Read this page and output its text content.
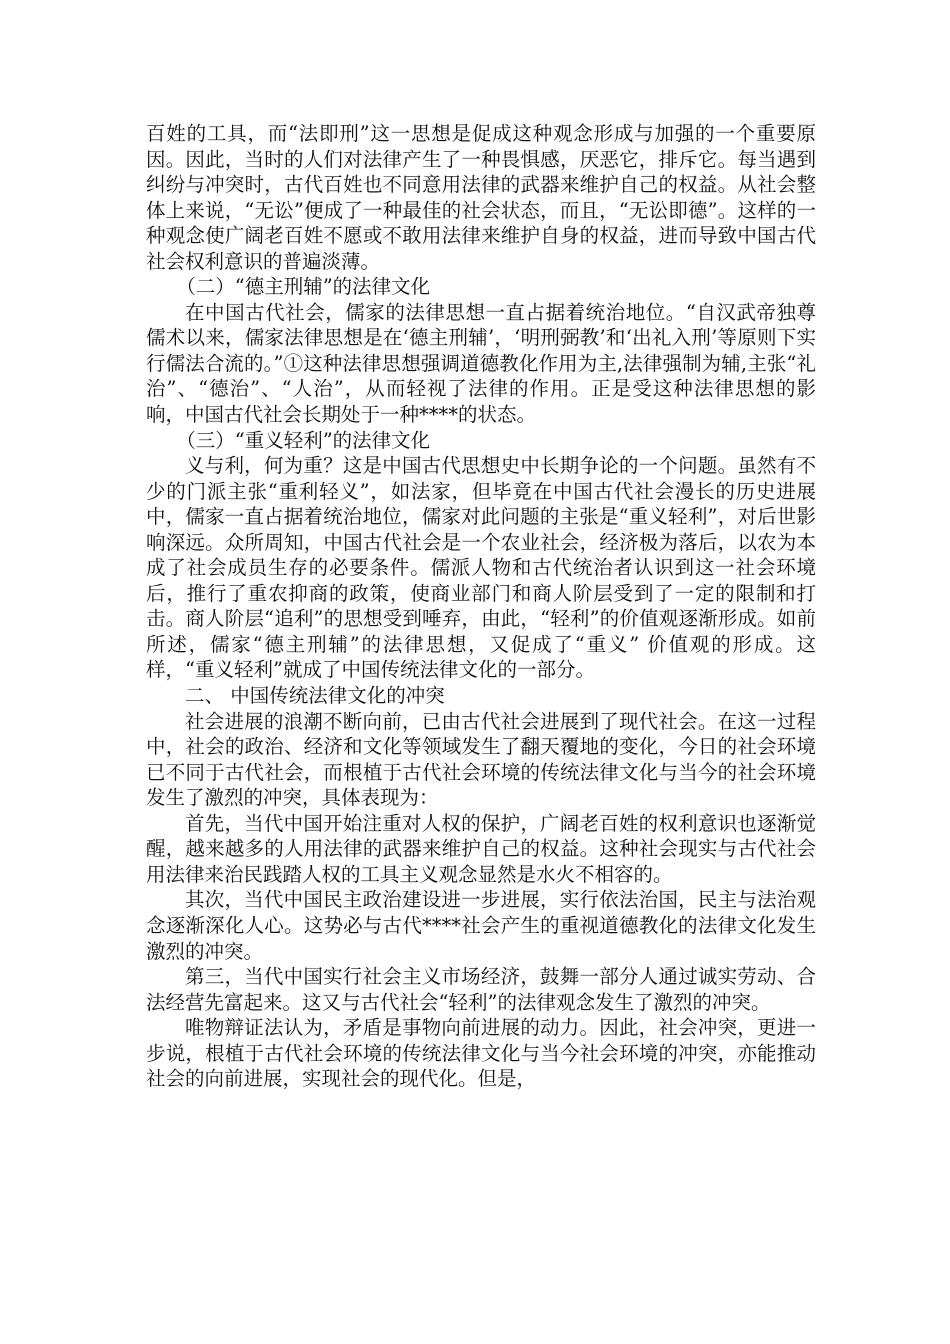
百姓的工具，而“法即刑”这一思想是促成这种观念形成与加强的一个重要原因。因此，当时的人们对法律产生了一种畏惧感，厌恶它，排斥它。每当遇到纠纷与冲突时，古代百姓也不同意用法律的武器来维护自己的权益。从社会整体上来说，“无讼”便成了一种最佳的社会状态，而且，“无讼即德”。这样的一种观念使广阔老百姓不愿或不敢用法律来维护自身的权益，进而导致中国古代社会权利意识的普遍淡薄。

（二）“德主刑辅”的法律文化

在中国古代社会，儒家的法律思想一直占据着统治地位。“自汉武帝独尊儒术以来，儒家法律思想是在‘德主刑辅’，‘明刑弼教’和‘出礼入刑’等原则下实行儒法合流的。”①这种法律思想强调道德教化作用为主,法律强制为辅,主张“礼治”、“德治”、“人治”，从而轻视了法律的作用。正是受这种法律思想的影响，中国古代社会长期处于一种****的状态。

（三）“重义轻利”的法律文化

义与利，何为重？这是中国古代思想史中长期争论的一个问题。虽然有不少的门派主张“重利轻义”，如法家，但毕竟在中国古代社会漫长的历史进展中，儒家一直占据着统治地位，儒家对此问题的主张是“重义轻利”，对后世影响深远。众所周知，中国古代社会是一个农业社会，经济极为落后，以农为本成了社会成员生存的必要条件。儒派人物和古代统治者认识到这一社会环境后，推行了重农抑商的政策，使商业部门和商人阶层受到了一定的限制和打击。商人阶层“追利”的思想受到唾弃，由此，“轻利”的价值观逐渐形成。如前所述，儒家“德主刑辅”的法律思想，又促成了“重义” 价值观的形成。这样，“重义轻利”就成了中国传统法律文化的一部分。

二、 中国传统法律文化的冲突

社会进展的浪潮不断向前，已由古代社会进展到了现代社会。在这一过程中，社会的政治、经济和文化等领域发生了翻天覆地的变化，今日的社会环境已不同于古代社会，而根植于古代社会环境的传统法律文化与当今的社会环境发生了激烈的冲突，具体表现为：

首先，当代中国开始注重对人权的保护，广阔老百姓的权利意识也逐渐觉醒，越来越多的人用法律的武器来维护自己的权益。这种社会现实与古代社会用法律来治民践踏人权的工具主义观念显然是水火不相容的。

其次，当代中国民主政治建设进一步进展，实行依法治国，民主与法治观念逐渐深化人心。这势必与古代****社会产生的重视道德教化的法律文化发生激烈的冲突。

第三，当代中国实行社会主义市场经济，鼓舞一部分人通过诚实劳动、合法经营先富起来。这又与古代社会“轻利”的法律观念发生了激烈的冲突。

唯物辩证法认为，矛盾是事物向前进展的动力。因此，社会冲突，更进一步说，根植于古代社会环境的传统法律文化与当今社会环境的冲突，亦能推动社会的向前进展，实现社会的现代化。但是，
